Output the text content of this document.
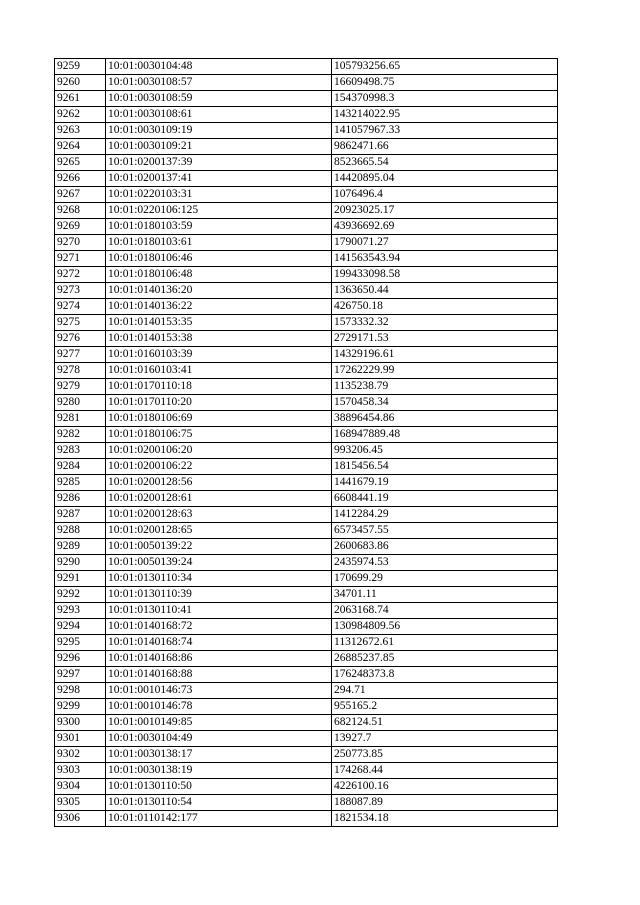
9259	10:01:0030104:48	105793256.65
9260	10:01:0030108:57	16609498.75
9261	10:01:0030108:59	154370998.3
9262	10:01:0030108:61	143214022.95
9263	10:01:0030109:19	141057967.33
9264	10:01:0030109:21	9862471.66
9265	10:01:0200137:39	8523665.54
9266	10:01:0200137:41	14420895.04
9267	10:01:0220103:31	1076496.4
9268	10:01:0220106:125	20923025.17
9269	10:01:0180103:59	43936692.69
9270	10:01:0180103:61	1790071.27
9271	10:01:0180106:46	141563543.94
9272	10:01:0180106:48	199433098.58
9273	10:01:0140136:20	1363650.44
9274	10:01:0140136:22	426750.18
9275	10:01:0140153:35	1573332.32
9276	10:01:0140153:38	2729171.53
9277	10:01:0160103:39	14329196.61
9278	10:01:0160103:41	17262229.99
9279	10:01:0170110:18	1135238.79
9280	10:01:0170110:20	1570458.34
9281	10:01:0180106:69	38896454.86
9282	10:01:0180106:75	168947889.48
9283	10:01:0200106:20	993206.45
9284	10:01:0200106:22	1815456.54
9285	10:01:0200128:56	1441679.19
9286	10:01:0200128:61	6608441.19
9287	10:01:0200128:63	1412284.29
9288	10:01:0200128:65	6573457.55
9289	10:01:0050139:22	2600683.86
9290	10:01:0050139:24	2435974.53
9291	10:01:0130110:34	170699.29
9292	10:01:0130110:39	34701.11
9293	10:01:0130110:41	2063168.74
9294	10:01:0140168:72	130984809.56
9295	10:01:0140168:74	11312672.61
9296	10:01:0140168:86	26885237.85
9297	10:01:0140168:88	176248373.8
9298	10:01:0010146:73	294.71
9299	10:01:0010146:78	955165.2
9300	10:01:0010149:85	682124.51
9301	10:01:0030104:49	13927.7
9302	10:01:0030138:17	250773.85
9303	10:01:0030138:19	174268.44
9304	10:01:0130110:50	4226100.16
9305	10:01:0130110:54	188087.89
9306	10:01:0110142:177	1821534.18
